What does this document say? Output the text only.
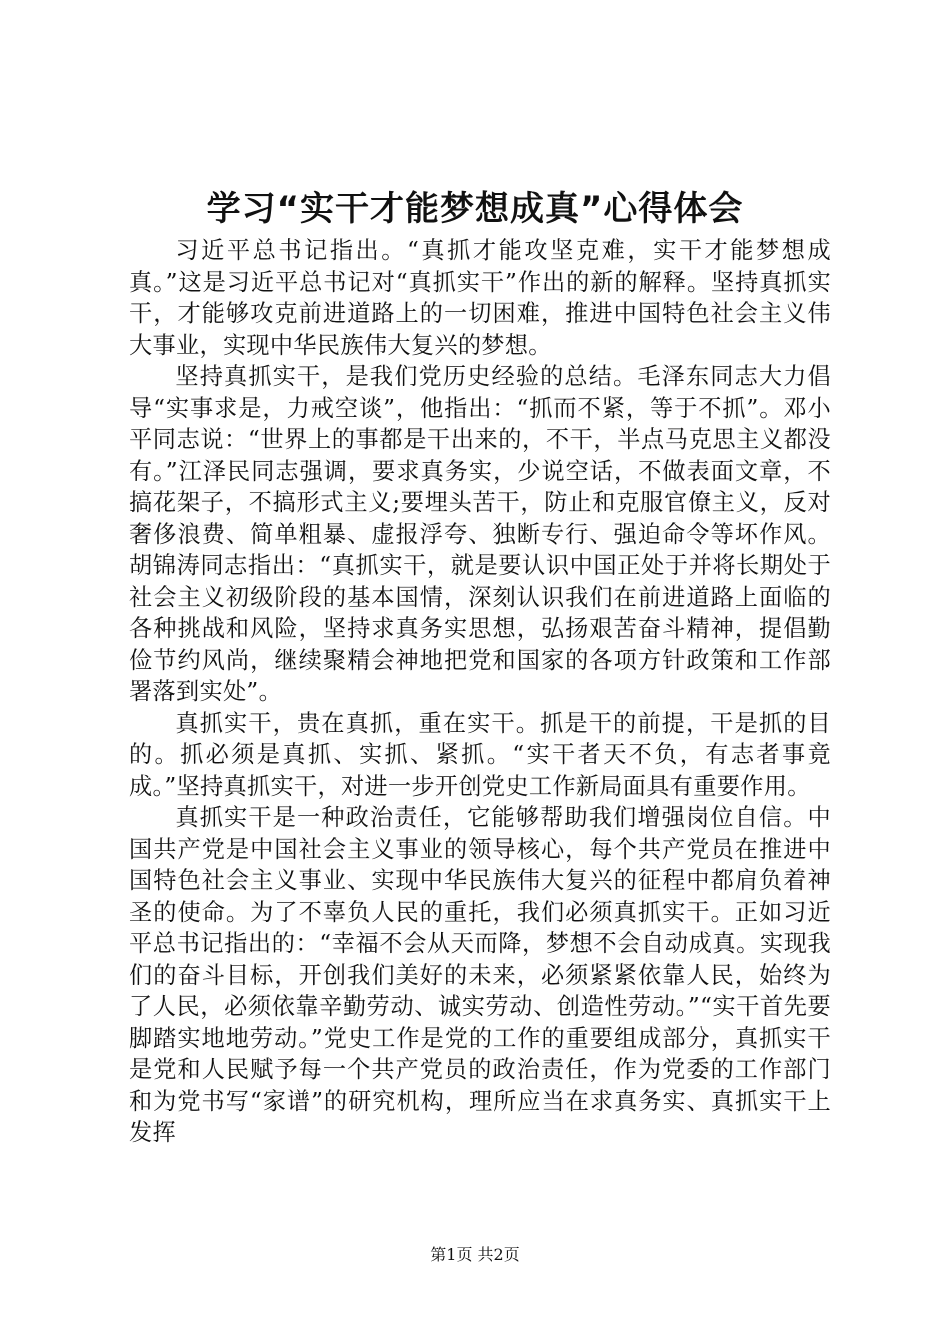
学习“实干才能梦想成真”心得体会

习近平总书记指出。“真抓才能攻坚克难，实干才能梦想成真。”这是习近平总书记对“真抓实干”作出的新的解释。坚持真抓实干，才能够攻克前进道路上的一切困难，推进中国特色社会主义伟大事业，实现中华民族伟大复兴的梦想。

坚持真抓实干，是我们党历史经验的总结。毛泽东同志大力倡导“实事求是，力戒空谈”，他指出：“抓而不紧，等于不抓”。邓小平同志说：“世界上的事都是干出来的，不干，半点马克思主义都没有。”江泽民同志强调，要求真务实，少说空话，不做表面文章，不搞花架子，不搞形式主义;要埋头苦干，防止和克服官僚主义，反对奢侈浪费、简单粗暴、虚报浮夸、独断专行、强迫命令等坏作风。胡锦涛同志指出：“真抓实干，就是要认识中国正处于并将长期处于社会主义初级阶段的基本国情，深刻认识我们在前进道路上面临的各种挑战和风险，坚持求真务实思想，弘扬艰苦奋斗精神，提倡勤俭节约风尚，继续聚精会神地把党和国家的各项方针政策和工作部署落到实处”。

真抓实干，贵在真抓，重在实干。抓是干的前提，干是抓的目的。抓必须是真抓、实抓、紧抓。“实干者天不负，有志者事竟成。”坚持真抓实干，对进一步开创党史工作新局面具有重要作用。

真抓实干是一种政治责任，它能够帮助我们增强岗位自信。中国共产党是中国社会主义事业的领导核心，每个共产党员在推进中国特色社会主义事业、实现中华民族伟大复兴的征程中都肩负着神圣的使命。为了不辜负人民的重托，我们必须真抓实干。正如习近平总书记指出的：“幸福不会从天而降，梦想不会自动成真。实现我们的奋斗目标，开创我们美好的未来，必须紧紧依靠人民，始终为了人民，必须依靠辛勤劳动、诚实劳动、创造性劳动。”“实干首先要脚踏实地地劳动。”党史工作是党的工作的重要组成部分，真抓实干是党和人民赋予每一个共产党员的政治责任，作为党委的工作部门和为党书写“家谱”的研究机构，理所应当在求真务实、真抓实干上发挥

第1页 共2页
